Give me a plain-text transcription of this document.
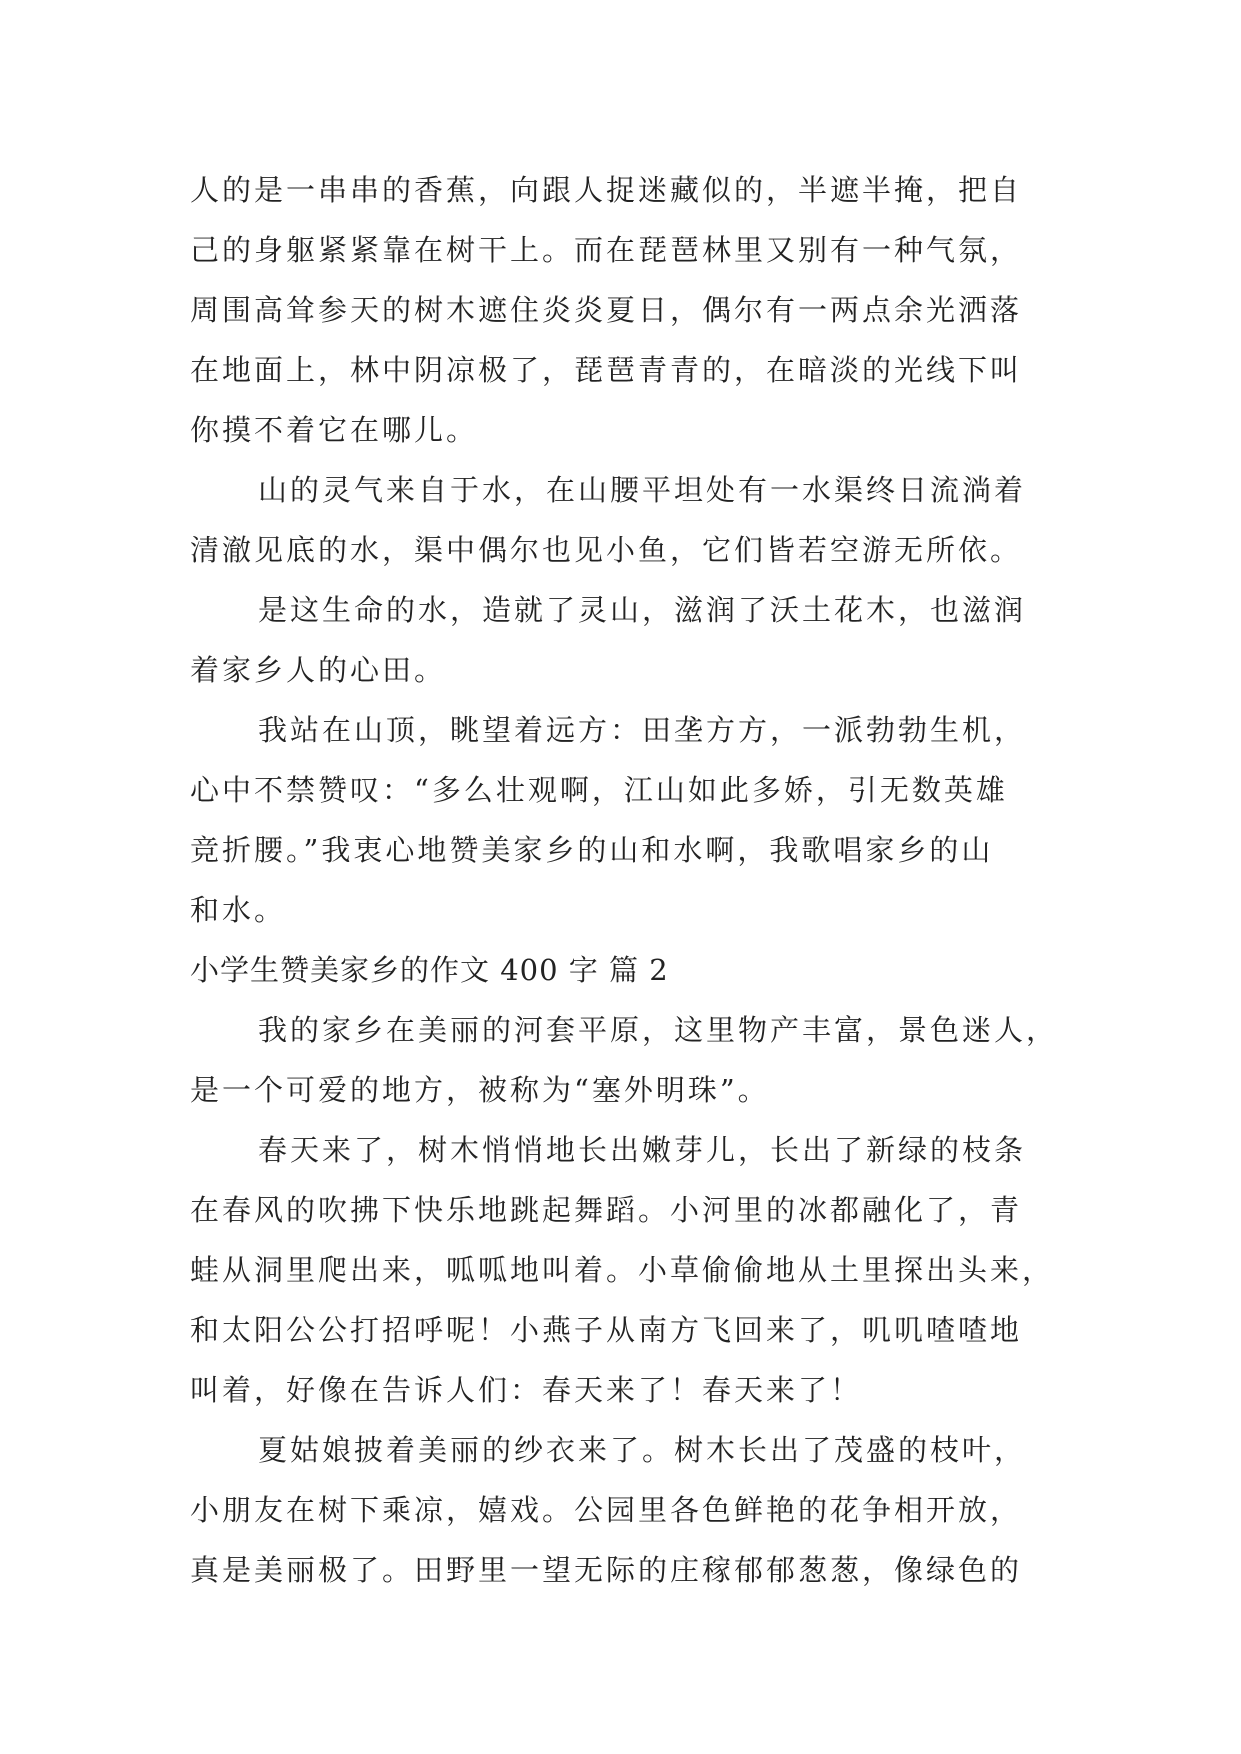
人的是一串串的香蕉，向跟人捉迷藏似的，半遮半掩，把自
己的身躯紧紧靠在树干上。而在琵琶林里又别有一种气氛，
周围高耸参天的树木遮住炎炎夏日，偶尔有一两点余光洒落
在地面上，林中阴凉极了，琵琶青青的，在暗淡的光线下叫
你摸不着它在哪儿。
山的灵气来自于水，在山腰平坦处有一水渠终日流淌着
清澈见底的水，渠中偶尔也见小鱼，它们皆若空游无所依。
是这生命的水，造就了灵山，滋润了沃土花木，也滋润
着家乡人的心田。
我站在山顶，眺望着远方：田垄方方，一派勃勃生机，
心中不禁赞叹：“多么壮观啊，江山如此多娇，引无数英雄
竞折腰。”我衷心地赞美家乡的山和水啊，我歌唱家乡的山
和水。
小学生赞美家乡的作文 400 字 篇 2
我的家乡在美丽的河套平原，这里物产丰富，景色迷人，
是一个可爱的地方，被称为“塞外明珠”。
春天来了，树木悄悄地长出嫩芽儿，长出了新绿的枝条
在春风的吹拂下快乐地跳起舞蹈。小河里的冰都融化了，青
蛙从洞里爬出来，呱呱地叫着。小草偷偷地从土里探出头来，
和太阳公公打招呼呢！小燕子从南方飞回来了，叽叽喳喳地
叫着，好像在告诉人们：春天来了！春天来了！
夏姑娘披着美丽的纱衣来了。树木长出了茂盛的枝叶，
小朋友在树下乘凉，嬉戏。公园里各色鲜艳的花争相开放，
真是美丽极了。田野里一望无际的庄稼郁郁葱葱，像绿色的
